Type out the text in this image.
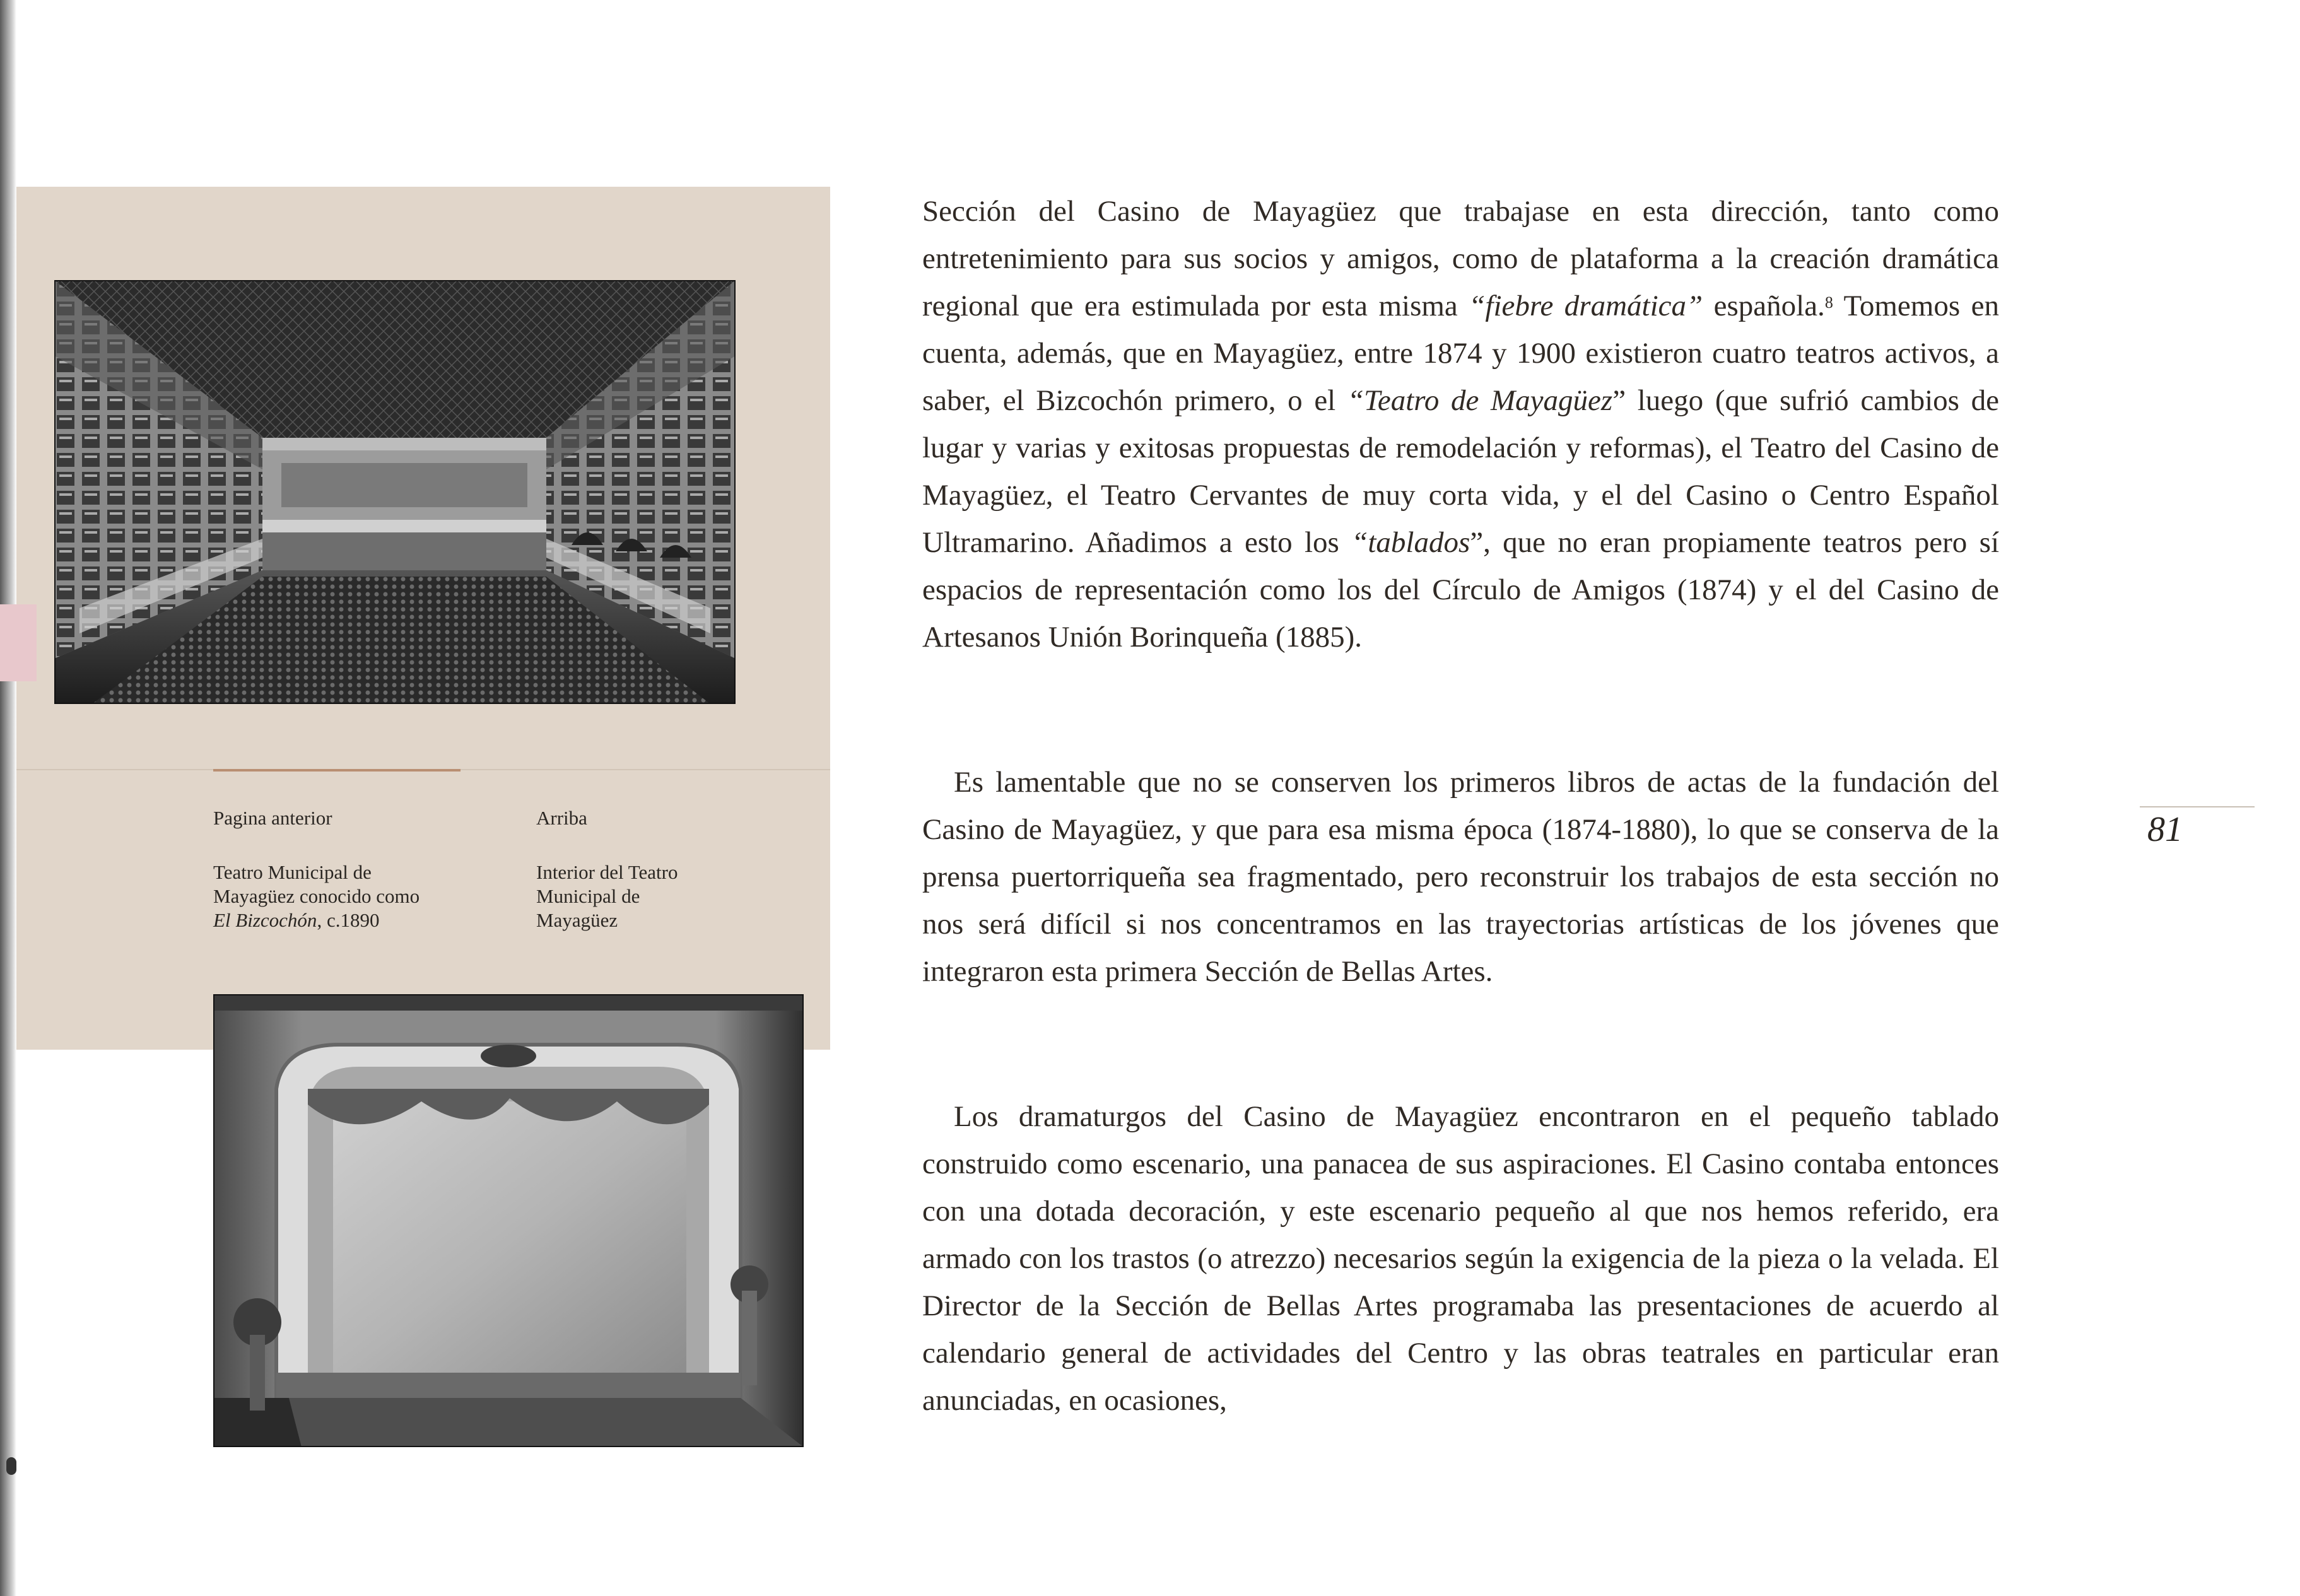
Pagina anterior
Teatro Municipal de
Mayagüez conocido como
El Bizcochón, c.1890
Arriba
Interior del Teatro
Municipal de
Mayagüez

Sección del Casino de Mayagüez que trabajase en esta dirección, tanto como entretenimiento para sus socios y amigos, como de plataforma a la creación dramática regional que era estimulada por esta misma “fiebre dramática” española.$^8$ Tomemos en cuenta, además, que en Mayagüez, entre 1874 y 1900 existieron cuatro teatros activos, a saber, el Bizcochón primero, o el “Teatro de Mayagüez” luego (que sufrió cambios de lugar y varias y exitosas propuestas de remodelación y reformas), el Teatro del Casino de Mayagüez, el Teatro Cervantes de muy corta vida, y el del Casino o Centro Español Ultramarino. Añadimos a esto los “tablados”, que no eran propiamente teatros pero sí espacios de representación como los del Círculo de Amigos (1874) y el del Casino de Artesanos Unión Borinqueña (1885).

Es lamentable que no se conserven los primeros libros de actas de la fundación del Casino de Mayagüez, y que para esa misma época (1874-1880), lo que se conserva de la prensa puertorriqueña sea fragmentado, pero reconstruir los trabajos de esta sección no nos será difícil si nos concentramos en las trayectorias artísticas de los jóvenes que integraron esta primera Sección de Bellas Artes.

Los dramaturgos del Casino de Mayagüez encontraron en el pequeño tablado construido como escenario, una panacea de sus aspiraciones. El Casino contaba entonces con una dotada decoración, y este escenario pequeño al que nos hemos referido, era armado con los trastos (o atrezzo) necesarios según la exigencia de la pieza o la velada. El Director de la Sección de Bellas Artes programaba las presentaciones de acuerdo al calendario general de actividades del Centro y las obras teatrales en particular eran anunciadas, en ocasiones,

81
